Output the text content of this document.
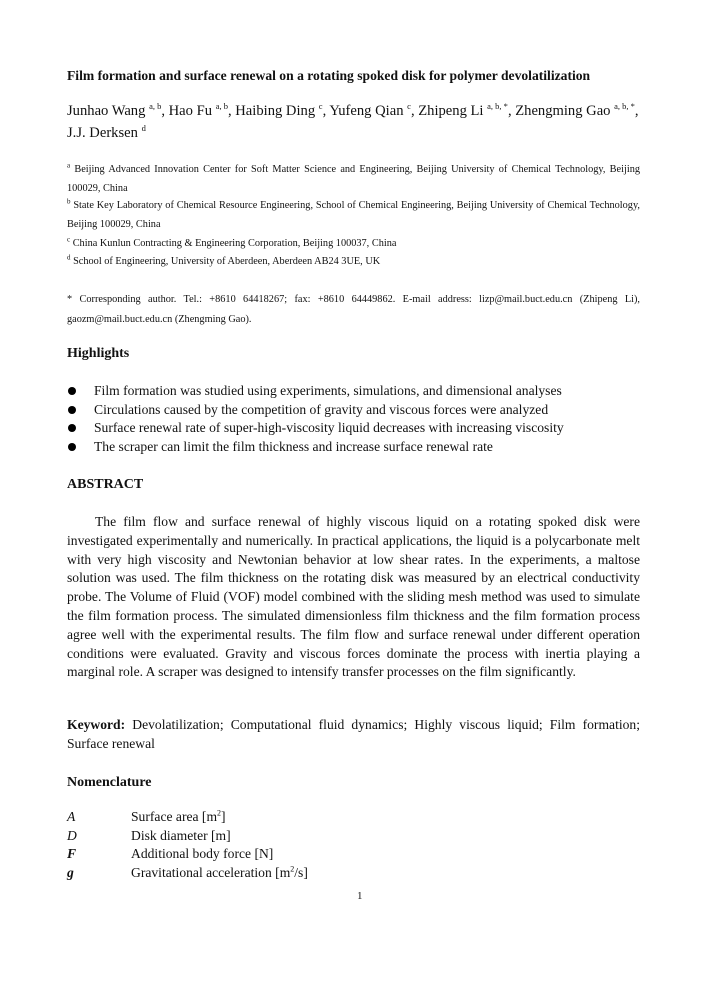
Film formation and surface renewal on a rotating spoked disk for polymer devolatilization
Junhao Wang $^{a, b}$, Hao Fu $^{a, b}$, Haibing Ding $^c$, Yufeng Qian $^c$, Zhipeng Li $^{a, b, *}$, Zhengming Gao $^{a, b, *}$,
J.J. Derksen $^d$
$^a$ Beijing Advanced Innovation Center for Soft Matter Science and Engineering, Beijing University of Chemical Technology, Beijing 100029, China
$^b$ State Key Laboratory of Chemical Resource Engineering, School of Chemical Engineering, Beijing University of Chemical Technology, Beijing 100029, China
$^c$ China Kunlun Contracting & Engineering Corporation, Beijing 100037, China
$^d$ School of Engineering, University of Aberdeen, Aberdeen AB24 3UE, UK
* Corresponding author. Tel.: +8610 64418267; fax: +8610 64449862. E-mail address: lizp@mail.buct.edu.cn (Zhipeng Li), gaozm@mail.buct.edu.cn (Zhengming Gao).
Highlights
Film formation was studied using experiments, simulations, and dimensional analyses
Circulations caused by the competition of gravity and viscous forces were analyzed
Surface renewal rate of super-high-viscosity liquid decreases with increasing viscosity
The scraper can limit the film thickness and increase surface renewal rate
ABSTRACT

The film flow and surface renewal of highly viscous liquid on a rotating spoked disk were investigated experimentally and numerically. In practical applications, the liquid is a polycarbonate melt with very high viscosity and Newtonian behavior at low shear rates. In the experiments, a maltose solution was used. The film thickness on the rotating disk was measured by an electrical conductivity probe. The Volume of Fluid (VOF) model combined with the sliding mesh method was used to simulate the film formation process. The simulated dimensionless film thickness and the film formation process agree well with the experimental results. The film flow and surface renewal under different operation conditions were evaluated. Gravity and viscous forces dominate the process with inertia playing a marginal role. A scraper was designed to intensify transfer processes on the film significantly.

Keyword: Devolatilization; Computational fluid dynamics; Highly viscous liquid; Film formation; Surface renewal

Nomenclature
A	Surface area $[m^2]$
D	Disk diameter [m]
F	Additional body force [N]
g	Gravitational acceleration $[m^2/s]$
1
